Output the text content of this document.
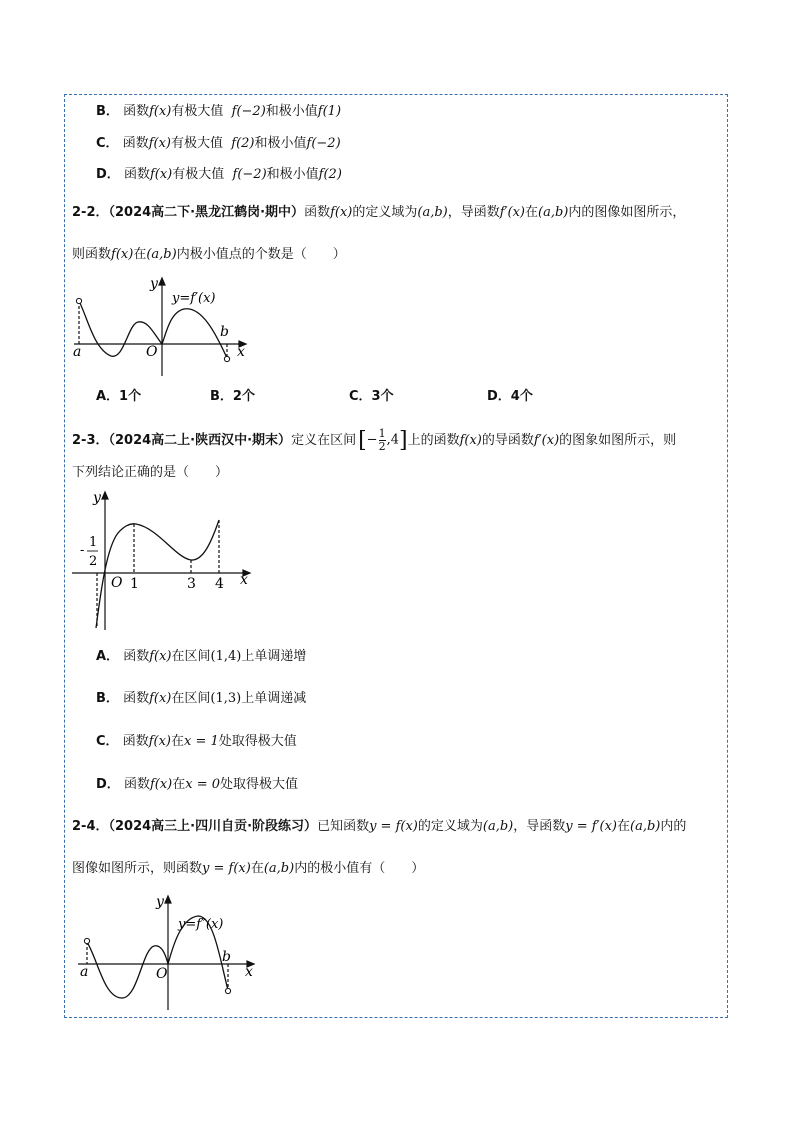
B． 函数f(x)有极大值 f(−2)和极小值f(1)
C． 函数f(x)有极大值 f(2)和极小值f(−2)
D． 函数f(x)有极大值 f(−2)和极小值f(2)
2-2．（2024高二下·黑龙江鹤岗·期中）函数f(x)的定义域为(a,b)，导函数f′(x)在(a,b)内的图像如图所示，
则函数f(x)在(a,b)内极小值点的个数是（　　）
y
y=f′(x)
a
b
O	x
A．1个	B．2个	C．3个	D．4个
2-3．（2024高二上·陕西汉中·期末）定义在区间[− $\frac{1}{2} ,4$]上的函数f(x)的导函数f′(x)的图象如图所示，则
下列结论正确的是（　　）
y
-
1
2
O 1	3 4 x
A． 函数f(x)在区间(1,4)上单调递增
B． 函数f(x)在区间(1,3)上单调递减
C． 函数f(x)在x = 1处取得极大值
D． 函数f(x)在x = 0处取得极大值
2-4．（2024高三上·四川自贡·阶段练习）已知函数y = f(x)的定义域为(a,b)，导函数y = f′(x)在(a,b)内的
图像如图所示，则函数y = f(x)在(a,b)内的极小值有（　　）
y
y=f″(x)
a
b
O	x
